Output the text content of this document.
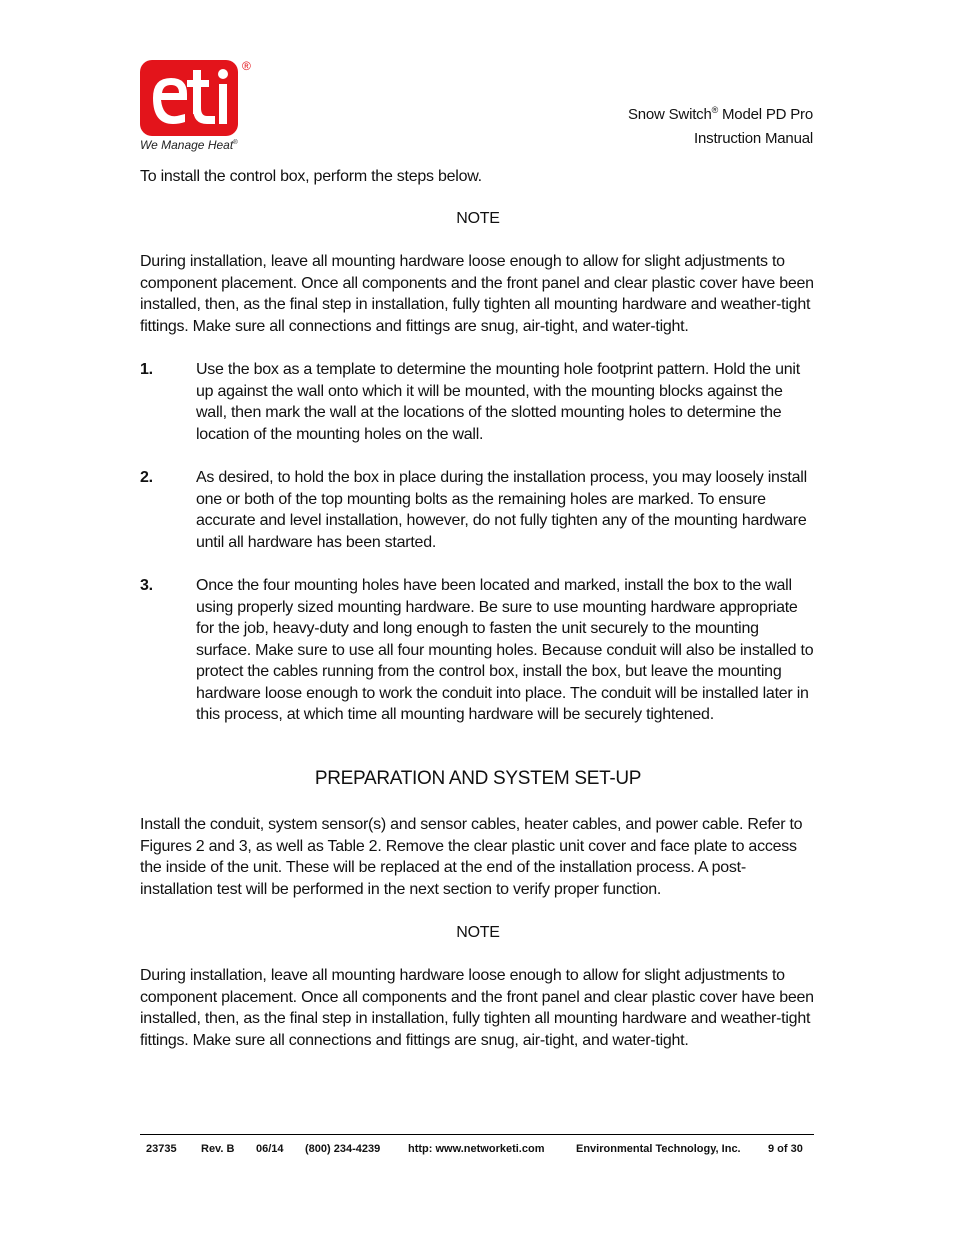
®
We Manage Heat®
Snow Switch® Model PD Pro
Instruction Manual
To install the control box, perform the steps below.
NOTE
During installation, leave all mounting hardware loose enough to allow for slight adjustments to component placement. Once all components and the front panel and clear plastic cover have been installed, then, as the final step in installation, fully tighten all mounting hardware and weather-tight fittings. Make sure all connections and fittings are snug, air-tight, and water-tight.
1.	Use the box as a template to determine the mounting hole footprint pattern. Hold the unit up against the wall onto which it will be mounted, with the mounting blocks against the wall, then mark the wall at the locations of the slotted mounting holes to determine the location of the mounting holes on the wall.
2.	As desired, to hold the box in place during the installation process, you may loosely install one or both of the top mounting bolts as the remaining holes are marked. To ensure accurate and level installation, however, do not fully tighten any of the mounting hardware until all hardware has been started.
3.	Once the four mounting holes have been located and marked, install the box to the wall using properly sized mounting hardware. Be sure to use mounting hardware appropriate for the job, heavy-duty and long enough to fasten the unit securely to the mounting surface. Make sure to use all four mounting holes. Because conduit will also be installed to protect the cables running from the control box, install the box, but leave the mounting hardware loose enough to work the conduit into place. The conduit will be installed later in this process, at which time all mounting hardware will be securely tightened.
PREPARATION AND SYSTEM SET-UP
Install the conduit, system sensor(s) and sensor cables, heater cables, and power cable. Refer to Figures 2 and 3, as well as Table 2. Remove the clear plastic unit cover and face plate to access the inside of the unit. These will be replaced at the end of the installation process. A post-installation test will be performed in the next section to verify proper function.
NOTE
During installation, leave all mounting hardware loose enough to allow for slight adjustments to component placement. Once all components and the front panel and clear plastic cover have been installed, then, as the final step in installation, fully tighten all mounting hardware and weather-tight fittings. Make sure all connections and fittings are snug, air-tight, and water-tight.
23735 Rev. B 06/14 (800) 234-4239	http: www.networketi.com	Environmental Technology, Inc. 9 of 30
